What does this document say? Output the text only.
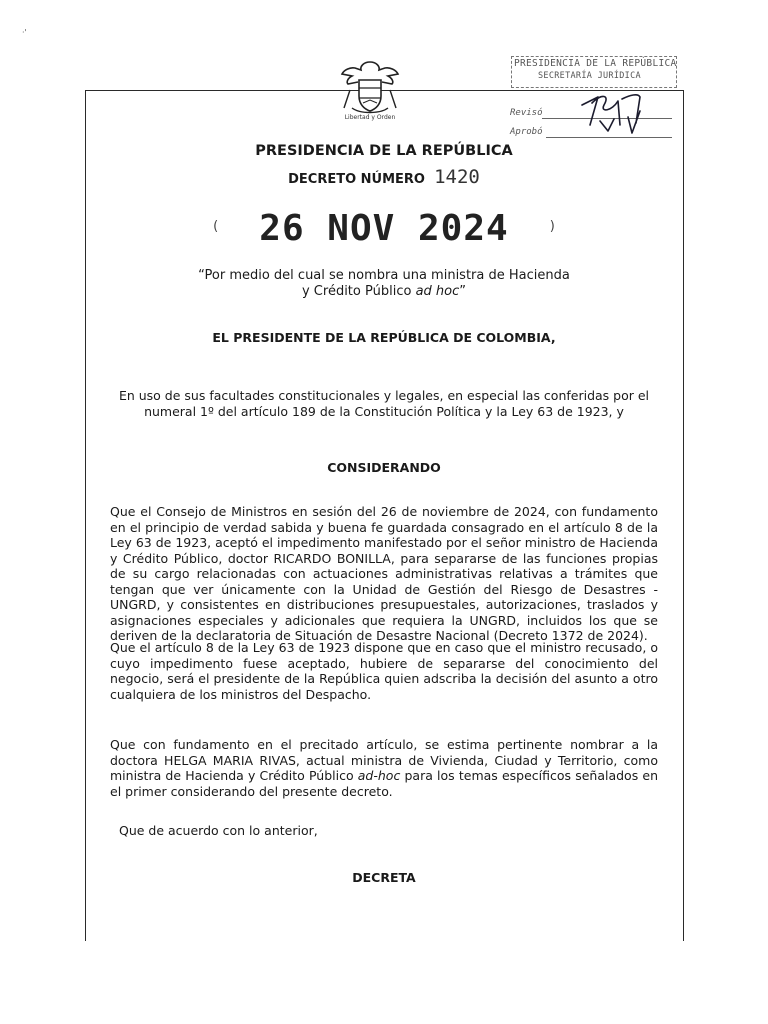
Libertad y Orden
PRESIDENCIA DE LA REPÚBLICA
SECRETARÍA JURÍDICA
Revisó
Aprobó
PRESIDENCIA DE LA REPÚBLICA
DECRETO NÚMERO 1420
( 26 NOV 2024	)
“Por medio del cual se nombra una ministra de Hacienda
y Crédito Público ad hoc”
EL PRESIDENTE DE LA REPÚBLICA DE COLOMBIA,
En uso de sus facultades constitucionales y legales, en especial las conferidas por el numeral 1º del artículo 189 de la Constitución Política y la Ley 63 de 1923, y
CONSIDERANDO
Que el Consejo de Ministros en sesión del 26 de noviembre de 2024, con fundamento en el principio de verdad sabida y buena fe guardada consagrado en el artículo 8 de la Ley 63 de 1923, aceptó el impedimento manifestado por el señor ministro de Hacienda y Crédito Público, doctor RICARDO BONILLA, para separarse de las funciones propias de su cargo relacionadas con actuaciones administrativas relativas a trámites que tengan que ver únicamente con la Unidad de Gestión del Riesgo de Desastres - UNGRD, y consistentes en distribuciones presupuestales, autorizaciones, traslados y asignaciones especiales y adicionales que requiera la UNGRD, incluidos los que se deriven de la declaratoria de Situación de Desastre Nacional (Decreto 1372 de 2024).
Que el artículo 8 de la Ley 63 de 1923 dispone que en caso que el ministro recusado, o cuyo impedimento fuese aceptado, hubiere de separarse del conocimiento del negocio, será el presidente de la República quien adscriba la decisión del asunto a otro cualquiera de los ministros del Despacho.
Que con fundamento en el precitado artículo, se estima pertinente nombrar a la doctora HELGA MARIA RIVAS, actual ministra de Vivienda, Ciudad y Territorio, como ministra de Hacienda y Crédito Público ad-hoc para los temas específicos señalados en el primer considerando del presente decreto.
Que de acuerdo con lo anterior,
DECRETA
·'
